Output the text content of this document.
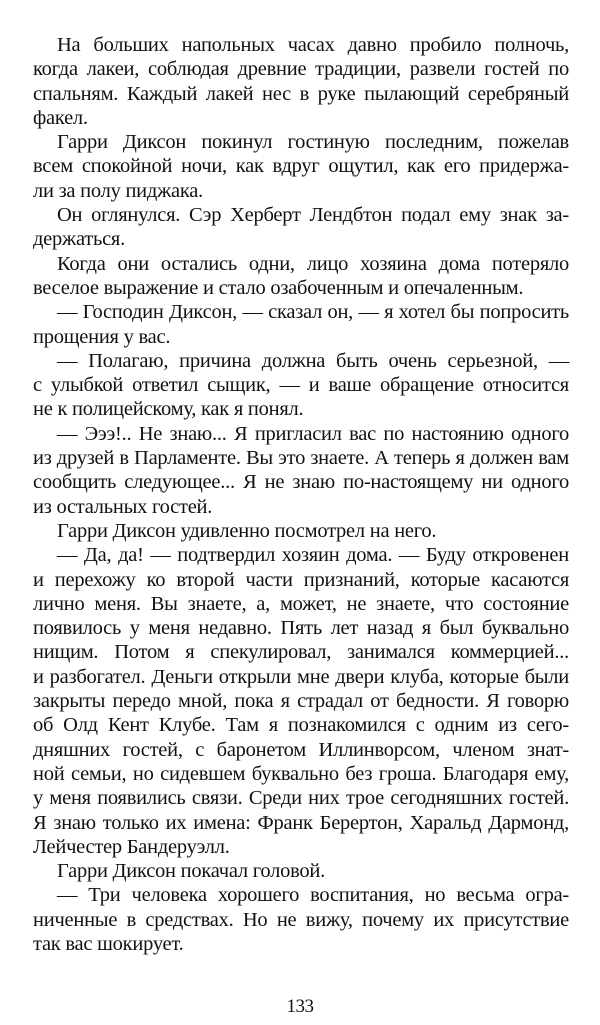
На больших напольных часах давно пробило полночь,
когда лакеи, соблюдая древние традиции, развели гостей по
спальням. Каждый лакей нес в руке пылающий серебряный
факел.
Гарри Диксон покинул гостиную последним, пожелав
всем спокойной ночи, как вдруг ощутил, как его придержа-
ли за полу пиджака.
Он оглянулся. Сэр Херберт Лендбтон подал ему знак за-
держаться.
Когда они остались одни, лицо хозяина дома потеряло
веселое выражение и стало озабоченным и опечаленным.
— Господин Диксон, — сказал он, — я хотел бы попросить
прощения у вас.
— Полагаю, причина должна быть очень серьезной, —
с улыбкой ответил сыщик, — и ваше обращение относится
не к полицейскому, как я понял.
— Эээ!.. Не знаю... Я пригласил вас по настоянию одного
из друзей в Парламенте. Вы это знаете. А теперь я должен вам
сообщить следующее... Я не знаю по-настоящему ни одного
из остальных гостей.
Гарри Диксон удивленно посмотрел на него.
— Да, да! — подтвердил хозяин дома. — Буду откровенен
и перехожу ко второй части признаний, которые касаются
лично меня. Вы знаете, а, может, не знаете, что состояние
появилось у меня недавно. Пять лет назад я был буквально
нищим. Потом я спекулировал, занимался коммерцией...
и разбогател. Деньги открыли мне двери клуба, которые были
закрыты передо мной, пока я страдал от бедности. Я говорю
об Олд Кент Клубе. Там я познакомился с одним из сего-
дняшних гостей, с баронетом Иллинворсом, членом знат-
ной семьи, но сидевшем буквально без гроша. Благодаря ему,
у меня появились связи. Среди них трое сегодняшних гостей.
Я знаю только их имена: Франк Берертон, Харальд Дармонд,
Лейчестер Бандеруэлл.
Гарри Диксон покачал головой.
— Три человека хорошего воспитания, но весьма огра-
ниченные в средствах. Но не вижу, почему их присутствие
так вас шокирует.
133
